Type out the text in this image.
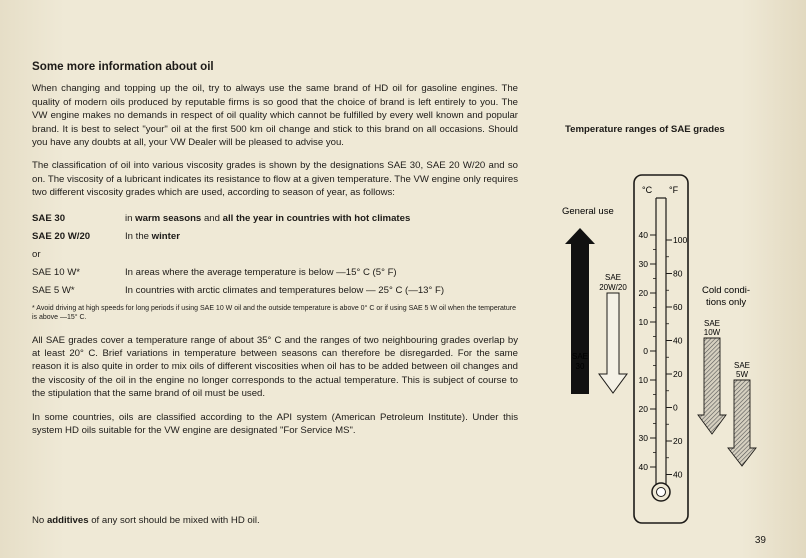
Some more information about oil

When changing and topping up the oil, try to always use the same brand of HD oil for gasoline engines. The quality of modern oils produced by reputable firms is so good that the choice of brand is left entirely to you. The VW engine makes no demands in respect of oil quality which cannot be fulfilled by every well known and popular brand. It is best to select "your" oil at the first 500 km oil change and stick to this brand on all occasions. Should you have any doubts at all, your VW Dealer will be pleased to advise you.

The classification of oil into various viscosity grades is shown by the designations SAE 30, SAE 20 W/20 and so on. The viscosity of a lubricant indicates its resistance to flow at a given temperature. The VW engine only requires two different viscosity grades which are used, according to season of year, as follows:

SAE 30	in warm seasons and all the year in countries with hot climates
SAE 20 W/20	In the winter
or
SAE 10 W*	In areas where the average temperature is below —15° C (5° F)
SAE 5 W*	In countries with arctic climates and temperatures below — 25° C (—13° F)
* Avoid driving at high speeds for long periods if using SAE 10 W oil and the outside temperature is above 0° C or if using SAE 5 W oil when the temperature is above —15° C.

All SAE grades cover a temperature range of about 35° C and the ranges of two neighbouring grades overlap by at least 20° C. Brief variations in temperature between seasons can therefore be disregarded. For the same reason it is also quite in order to mix oils of different viscosities when oil has to be added between oil changes and the viscosity of the oil in the engine no longer corresponds to the actual temperature. This is subject of course to the stipulation that the same brand of oil must be used.

In some countries, oils are classified according to the API system (American Petroleum Institute). Under this system HD oils suitable for the VW engine are designated "For Service MS".

No additives of any sort should be mixed with HD oil.
39
Temperature ranges of SAE grades
°C °F
40
30
20
10
0
10
20
30
40
100
80
60
40
20
0
20
40
General use
SAE
30
SAE
20W/20	Cold condi-
tions only
SAE
10W
SAE
5W
